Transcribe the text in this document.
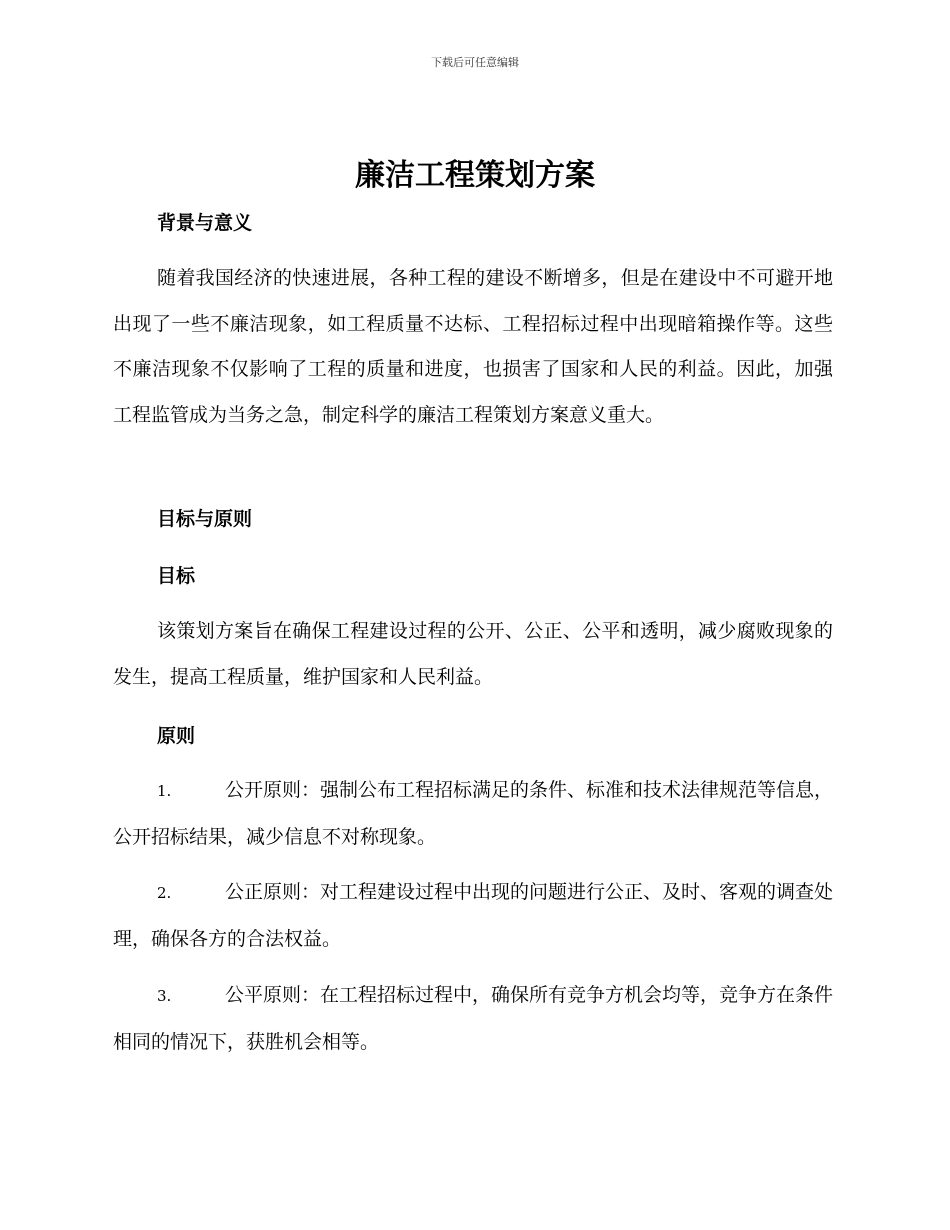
下载后可任意编辑
廉洁工程策划方案
背景与意义
随着我国经济的快速进展，各种工程的建设不断增多，但是在建设中不可避开地出现了一些不廉洁现象，如工程质量不达标、工程招标过程中出现暗箱操作等。这些不廉洁现象不仅影响了工程的质量和进度，也损害了国家和人民的利益。因此，加强工程监管成为当务之急，制定科学的廉洁工程策划方案意义重大。
目标与原则
目标
该策划方案旨在确保工程建设过程的公开、公正、公平和透明，减少腐败现象的发生，提高工程质量，维护国家和人民利益。
原则
1.	公开原则：强制公布工程招标满足的条件、标准和技术法律规范等信息，公开招标结果，减少信息不对称现象。
2.	公正原则：对工程建设过程中出现的问题进行公正、及时、客观的调查处理，确保各方的合法权益。
3.	公平原则：在工程招标过程中，确保所有竞争方机会均等，竞争方在条件相同的情况下，获胜机会相等。
